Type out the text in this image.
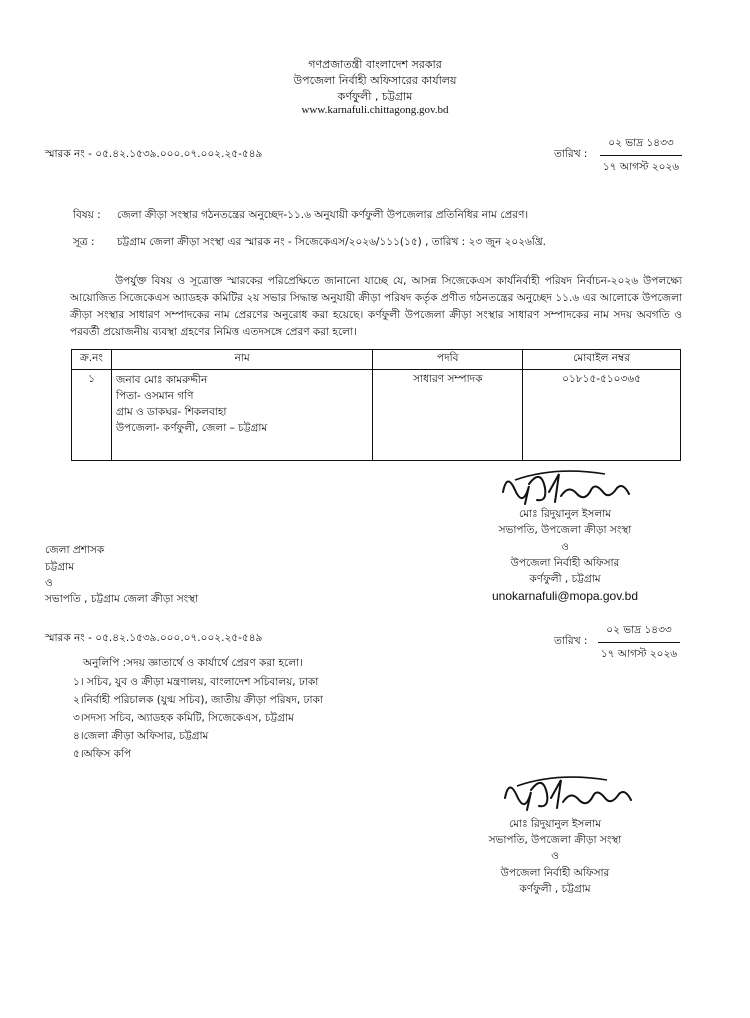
গণপ্রজাতন্ত্রী বাংলাদেশ সরকার
উপজেলা নির্বাহী অফিসারের কার্যালয়
কর্ণফুলী , চট্টগ্রাম
www.karnafuli.chittagong.gov.bd
স্মারক নং - ০৫.৪২.১৫৩৯.০০০.০৭.০০২.২৫-৫৪৯	তারিখ :
০২ ভাদ্র ১৪৩৩
১৭ আগস্ট ২০২৬
বিষয় : জেলা ক্রীড়া সংস্থার গঠনতন্ত্রের অনুচ্ছেদ-১১.৬ অনুযায়ী কর্ণফুলী উপজেলার প্রতিনিধির নাম প্রেরণ।
সূত্র : চট্টগ্রাম জেলা ক্রীড়া সংস্থা এর স্মারক নং - সিজেকেএস/২০২৬/১১১(১৫) , তারিখ : ২৩ জুন ২০২৬খ্রি.
উপর্যুক্ত বিষয় ও সূত্রোক্ত স্মারকের পরিপ্রেক্ষিতে জানানো যাচ্ছে যে, আসন্ন সিজেকেএস কার্যনির্বাহী পরিষদ নির্বাচন-২০২৬ উপলক্ষ্যে আয়োজিত সিজেকেএস অ্যাডহক কমিটির ২য় সভার সিদ্ধান্ত অনুযায়ী ক্রীড়া পরিষদ কর্তৃক প্রণীত গঠনতন্ত্রের অনুচ্ছেদ ১১.৬ এর আলোকে উপজেলা ক্রীড়া সংস্থার সাধারণ সম্পাদকের নাম প্রেরণের অনুরোধ করা হয়েছে। কর্ণফুলী উপজেলা ক্রীড়া সংস্থার সাধারণ সম্পাদকের নাম সদয় অবগতি ও পরবর্তী প্রয়োজনীয় ব্যবস্থা গ্রহণের নিমিত্ত এতদসঙ্গে প্রেরণ করা হলো।
ক্র.নং	নাম	পদবি	মোবাইল নম্বর
১	জনাব মোঃ কামরুদ্দীন
পিতা- ওসমান গণি
গ্রাম ও ডাকঘর- শিকলবাহা
উপজেলা- কর্ণফুলী, জেলা – চট্টগ্রাম	সাধারণ সম্পাদক	০১৮১৫-৫১০৩৬৫
মোঃ রিদুয়ানুল ইসলাম
সভাপতি, উপজেলা ক্রীড়া সংস্থা
ও
উপজেলা নির্বাহী অফিসার
কর্ণফুলী , চট্টগ্রাম
unokarnafuli@mopa.gov.bd
জেলা প্রশাসক
চট্টগ্রাম
ও
সভাপতি , চট্টগ্রাম জেলা ক্রীড়া সংস্থা
স্মারক নং - ০৫.৪২.১৫৩৯.০০০.০৭.০০২.২৫-৫৪৯	তারিখ :
০২ ভাদ্র ১৪৩৩
১৭ আগস্ট ২০২৬
অনুলিপি :সদয় জ্ঞাতার্থে ও কার্যার্থে প্রেরণ করা হলো।
১। সচিব, যুব ও ক্রীড়া মন্ত্রণালয়, বাংলাদেশ সচিবালয়, ঢাকা
২।নির্বাহী পরিচালক (যুগ্ম সচিব), জাতীয় ক্রীড়া পরিষদ, ঢাকা
৩।সদস্য সচিব, অ্যাডহক কমিটি, সিজেকেএস, চট্টগ্রাম
৪।জেলা ক্রীড়া অফিসার, চট্টগ্রাম
৫।অফিস কপি
মোঃ রিদুয়ানুল ইসলাম
সভাপতি, উপজেলা ক্রীড়া সংস্থা
ও
উপজেলা নির্বাহী অফিসার
কর্ণফুলী , চট্টগ্রাম
